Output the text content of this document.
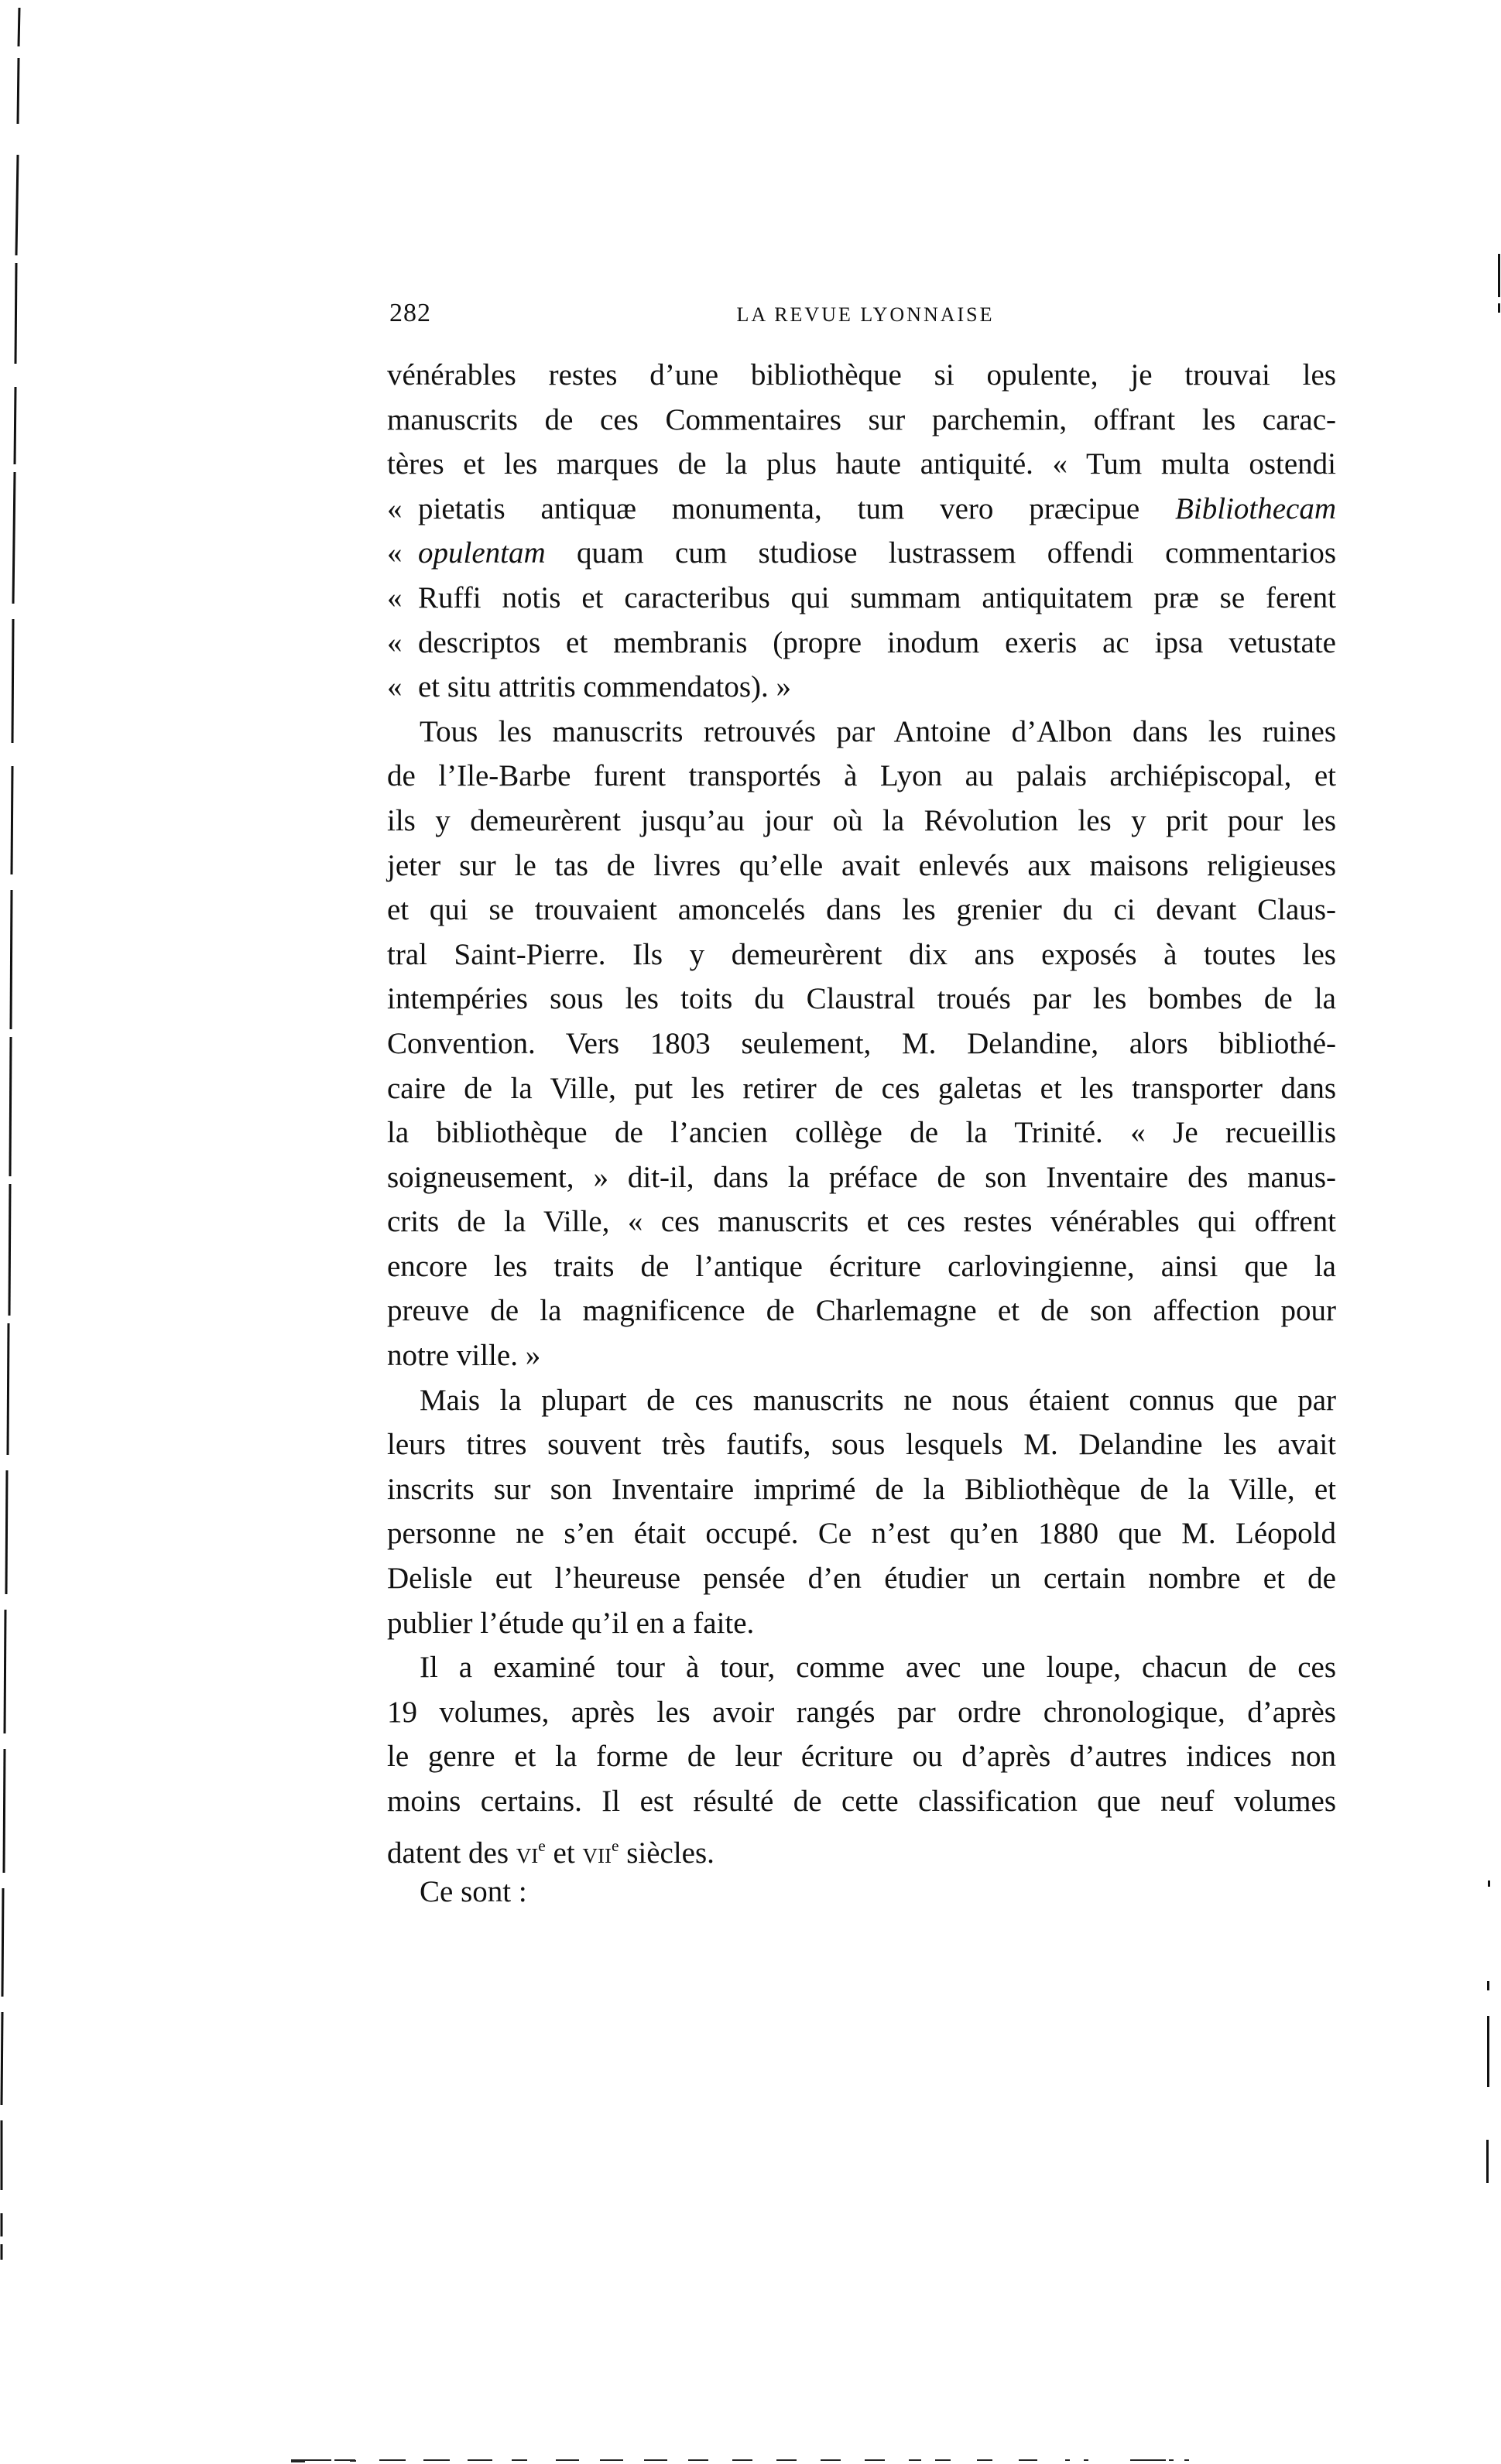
282	LA REVUE LYONNAISE
vénérables restes d’une bibliothèque si opulente, je trouvai les
manuscrits de ces Commentaires sur parchemin, offrant les carac-
tères et les marques de la plus haute antiquité. « Tum multa ostendi
« pietatis antiquæ monumenta, tum vero præcipue Bibliothecam
« opulentam quam cum studiose lustrassem offendi commentarios
« Ruffi notis et caracteribus qui summam antiquitatem præ se ferent
« descriptos et membranis (propre inodum exeris ac ipsa vetustate
« et situ attritis commendatos). »
Tous les manuscrits retrouvés par Antoine d’Albon dans les ruines
de l’Ile-Barbe furent transportés à Lyon au palais archiépiscopal, et
ils y demeurèrent jusqu’au jour où la Révolution les y prit pour les
jeter sur le tas de livres qu’elle avait enlevés aux maisons religieuses
et qui se trouvaient amoncelés dans les grenier du ci devant Claus-
tral Saint-Pierre. Ils y demeurèrent dix ans exposés à toutes les
intempéries sous les toits du Claustral troués par les bombes de la
Convention. Vers 1803 seulement, M. Delandine, alors bibliothé-
caire de la Ville, put les retirer de ces galetas et les transporter dans
la bibliothèque de l’ancien collège de la Trinité. « Je recueillis
soigneusement, » dit-il, dans la préface de son Inventaire des manus-
crits de la Ville, « ces manuscrits et ces restes vénérables qui offrent
encore les traits de l’antique écriture carlovingienne, ainsi que la
preuve de la magnificence de Charlemagne et de son affection pour
notre ville. »
Mais la plupart de ces manuscrits ne nous étaient connus que par
leurs titres souvent très fautifs, sous lesquels M. Delandine les avait
inscrits sur son Inventaire imprimé de la Bibliothèque de la Ville, et
personne ne s’en était occupé. Ce n’est qu’en 1880 que M. Léopold
Delisle eut l’heureuse pensée d’en étudier un certain nombre et de
publier l’étude qu’il en a faite.
Il a examiné tour à tour, comme avec une loupe, chacun de ces
19 volumes, après les avoir rangés par ordre chronologique, d’après
le genre et la forme de leur écriture ou d’après d’autres indices non
moins certains. Il est résulté de cette classification que neuf volumes
datent des $vi^e$ et vii$^e$ siècles.
Ce sont :
